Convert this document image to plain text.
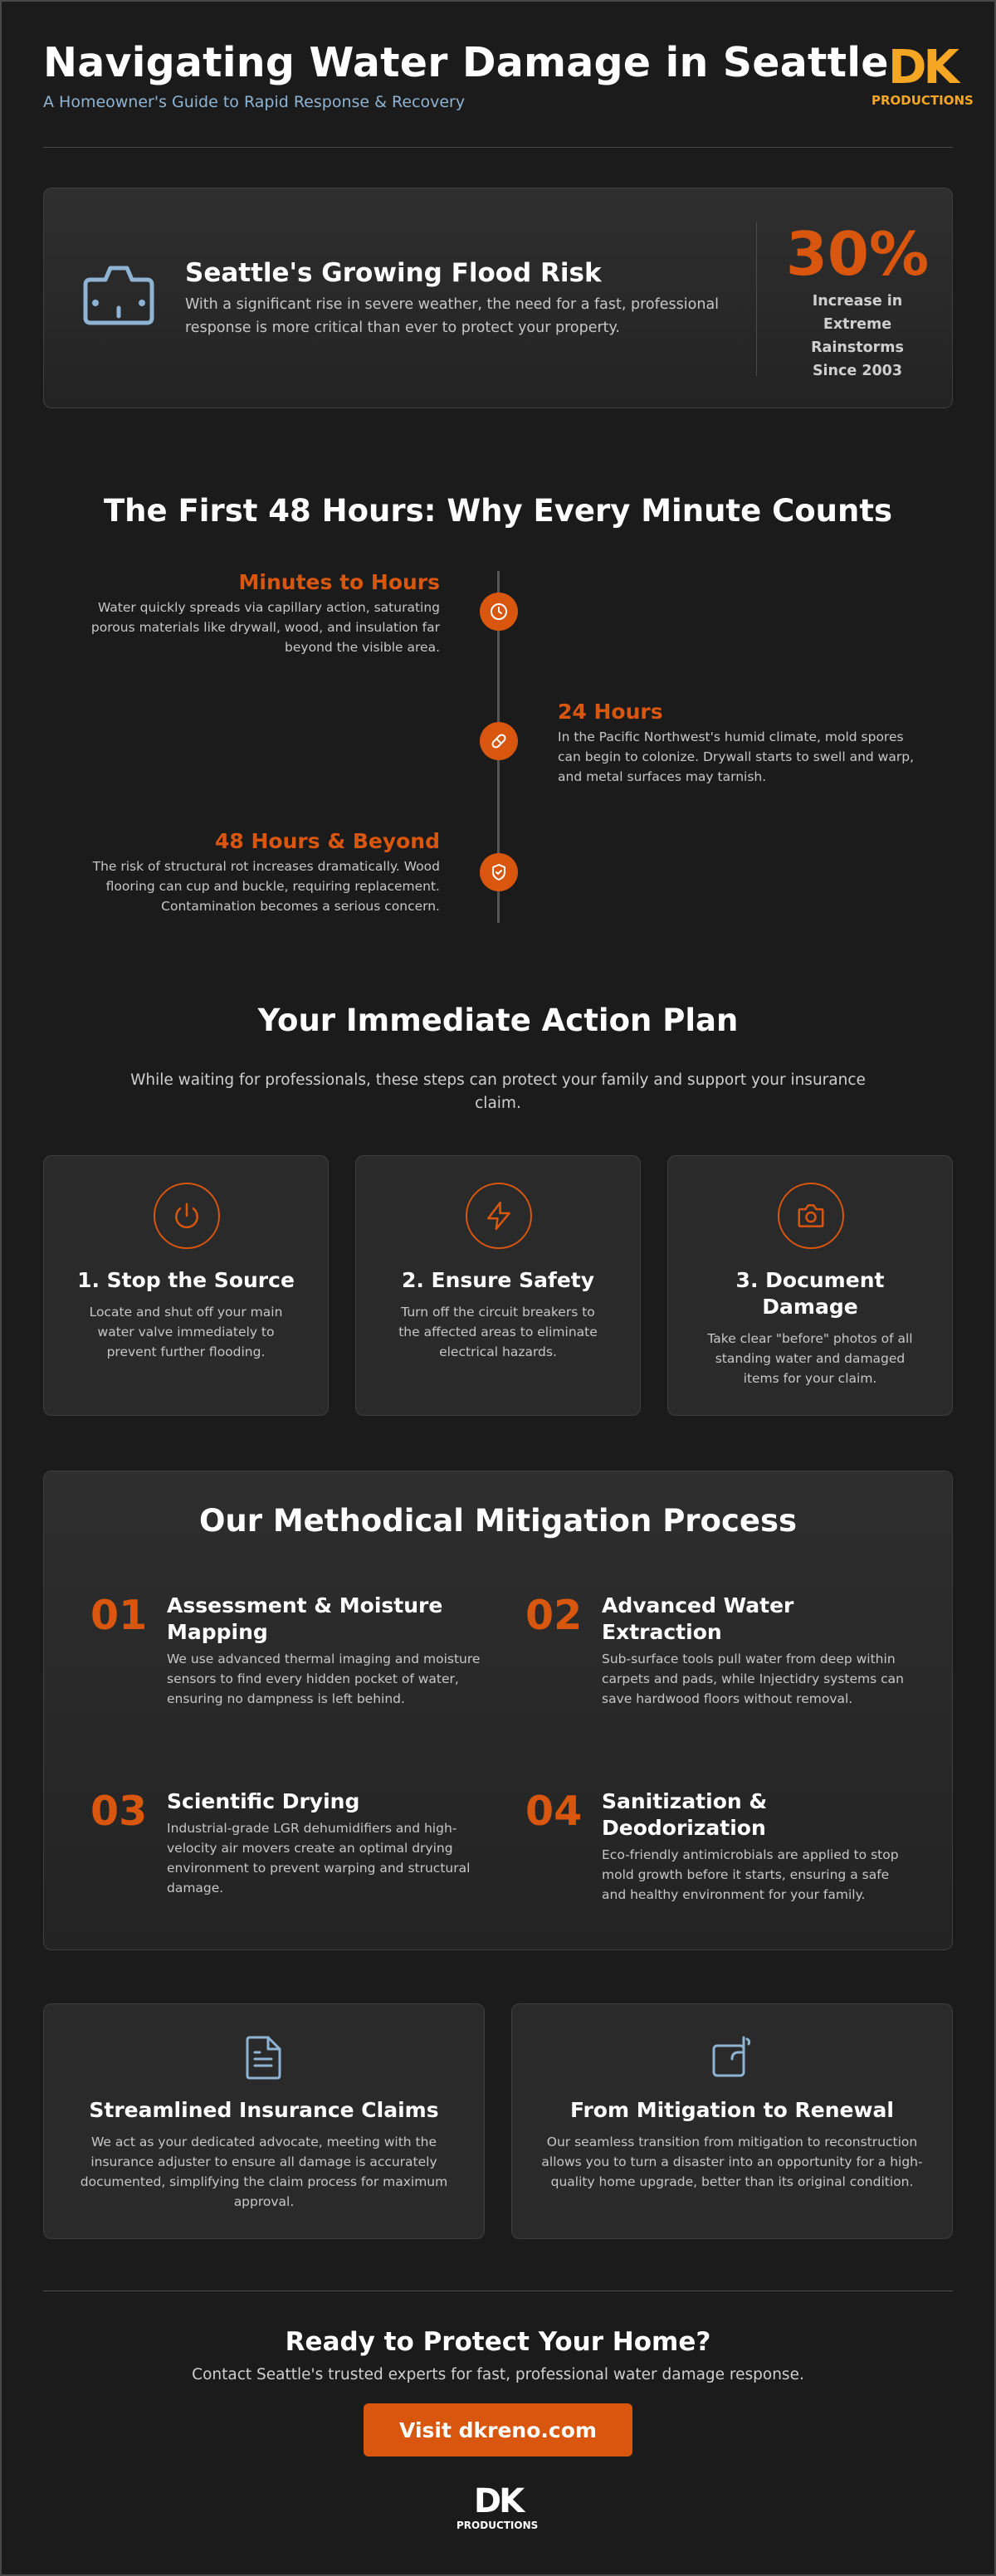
Navigating Water Damage in Seattle
A Homeowner's Guide to Rapid Response & Recovery
DK
PRODUCTIONS
Seattle's Growing Flood Risk

With a significant rise in severe weather, the need for a fast, professional response is more critical than ever to protect your property.

30%
Increase in Extreme Rainstorms Since 2003
The First 48 Hours: Why Every Minute Counts
Minutes to Hours

Water quickly spreads via capillary action, saturating porous materials like drywall, wood, and insulation far beyond the visible area.

24 Hours

In the Pacific Northwest's humid climate, mold spores can begin to colonize. Drywall starts to swell and warp, and metal surfaces may tarnish.

48 Hours & Beyond

The risk of structural rot increases dramatically. Wood flooring can cup and buckle, requiring replacement. Contamination becomes a serious concern.

Your Immediate Action Plan
While waiting for professionals, these steps can protect your family and support your insurance claim.
1. Stop the Source

Locate and shut off your main water valve immediately to prevent further flooding.

2. Ensure Safety

Turn off the circuit breakers to the affected areas to eliminate electrical hazards.

3. Document Damage

Take clear "before" photos of all standing water and damaged items for your claim.

Our Methodical Mitigation Process
01 Assessment & Moisture Mapping

We use advanced thermal imaging and moisture sensors to find every hidden pocket of water, ensuring no dampness is left behind.

02 Advanced Water Extraction

Sub-surface tools pull water from deep within carpets and pads, while Injectidry systems can save hardwood floors without removal.

03 Scientific Drying

Industrial-grade LGR dehumidifiers and high-velocity air movers create an optimal drying environment to prevent warping and structural damage.

04 Sanitization & Deodorization

Eco-friendly antimicrobials are applied to stop mold growth before it starts, ensuring a safe and healthy environment for your family.

Streamlined Insurance Claims

We act as your dedicated advocate, meeting with the insurance adjuster to ensure all damage is accurately documented, simplifying the claim process for maximum approval.

From Mitigation to Renewal

Our seamless transition from mitigation to reconstruction allows you to turn a disaster into an opportunity for a high-quality home upgrade, better than its original condition.

Ready to Protect Your Home?
Contact Seattle's trusted experts for fast, professional water damage response.
Visit dkreno.com
DK
PRODUCTIONS
